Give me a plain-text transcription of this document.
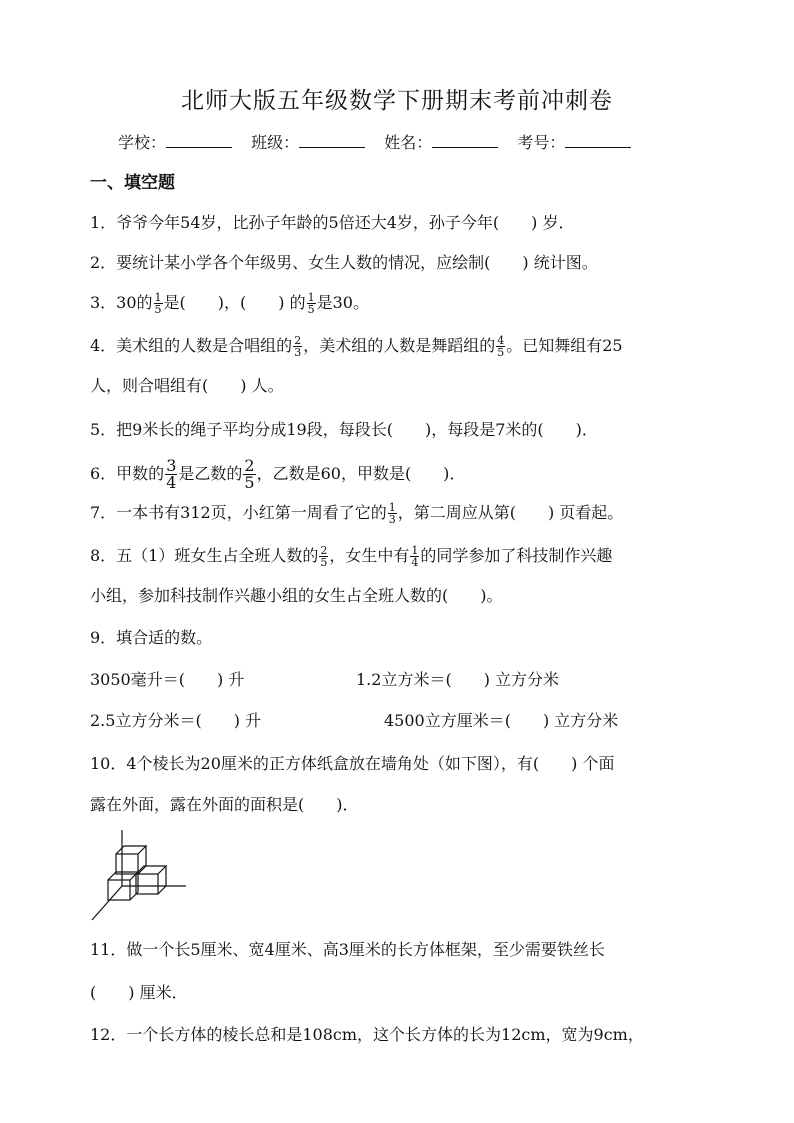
北师大版五年级数学下册期末考前冲刺卷
学校：	班级：	姓名：	考号：
一、填空题
1．爷爷今年54岁，比孙子年龄的5倍还大4岁，孙子今年(　　) 岁．
2．要统计某小学各个年级男、女生人数的情况，应绘制(　　) 统计图。
3．30的 $\frac{1}{5}$ 是(　　)，(　　) 的 $\frac{1}{5}$ 是30。
4．美术组的人数是合唱组的 $\frac{2}{3}$ ，美术组的人数是舞蹈组的 $\frac{4}{5}$ 。已知舞组有25
人，则合唱组有(　　) 人。
5．把9米长的绳子平均分成19段，每段长(　　)，每段是7米的(　　)．
6．甲数的 $\frac{3}{4}$ 是乙数的 $\frac{2}{5}$ ，乙数是60，甲数是(　　)．
7．一本书有312页，小红第一周看了它的 $\frac{1}{3}$ ，第二周应从第(　　) 页看起。
8．五（1）班女生占全班人数的 $\frac{2}{5}$ ，女生中有 $\frac{1}{4}$ 的同学参加了科技制作兴趣
小组，参加科技制作兴趣小组的女生占全班人数的(　　)。
9．填合适的数。
3050毫升＝(　　) 升	1.2立方米＝(　　) 立方分米
2.5立方分米＝(　　) 升	4500立方厘米＝(　　) 立方分米
10．4个棱长为20厘米的正方体纸盒放在墙角处（如下图），有(　　) 个面
露在外面，露在外面的面积是(　　)．
11．做一个长5厘米、宽4厘米、高3厘米的长方体框架，至少需要铁丝长
(　　) 厘米．
12．一个长方体的棱长总和是108cm，这个长方体的长为12cm，宽为9cm，
